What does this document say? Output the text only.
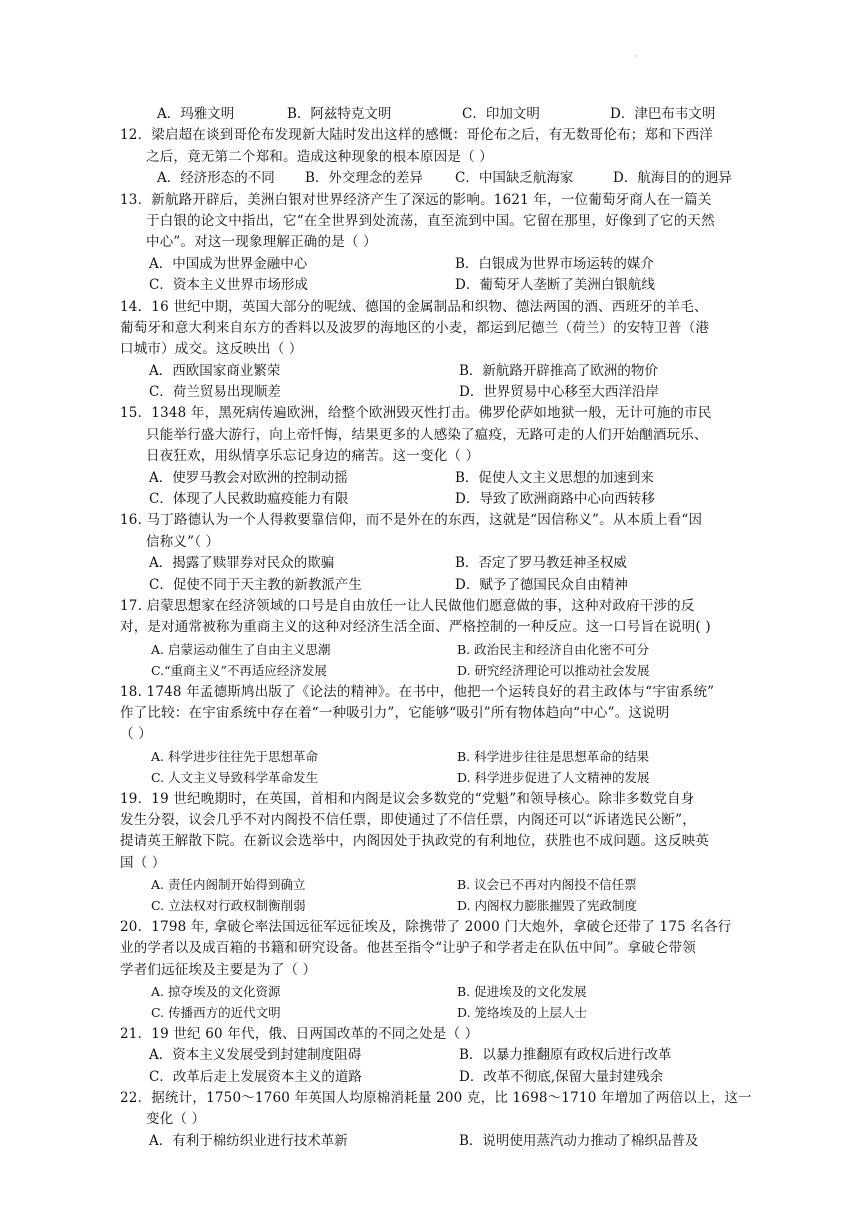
·
A．玛雅文明	B．阿兹特克文明	C．印加文明	D．津巴布韦文明
12．梁启超在谈到哥伦布发现新大陆时发出这样的感慨：哥伦布之后，有无数哥伦布；郑和下西洋
之后，竟无第二个郑和。造成这种现象的根本原因是（ ）
A．经济形态的不同	B．外交理念的差异	C．中国缺乏航海家	D．航海目的的迥异
13．新航路开辟后，美洲白银对世界经济产生了深远的影响。1621 年，一位葡萄牙商人在一篇关
于白银的论文中指出，它“在全世界到处流荡，直至流到中国。它留在那里，好像到了它的天然
中心”。对这一现象理解正确的是（ ）
A．中国成为世界金融中心	B．白银成为世界市场运转的媒介
C．资本主义世界市场形成	D．葡萄牙人垄断了美洲白银航线
14．16 世纪中期，英国大部分的呢绒、德国的金属制品和织物、德法两国的酒、西班牙的羊毛、
葡萄牙和意大利来自东方的香料以及波罗的海地区的小麦，都运到尼德兰（荷兰）的安特卫普（港
口城市）成交。这反映出（ ）
A．西欧国家商业繁荣	B．新航路开辟推高了欧洲的物价
C．荷兰贸易出现顺差	D．世界贸易中心移至大西洋沿岸
15．1348 年，黑死病传遍欧洲，给整个欧洲毁灭性打击。佛罗伦萨如地狱一般，无计可施的市民
只能举行盛大游行，向上帝忏悔，结果更多的人感染了瘟疫，无路可走的人们开始酗酒玩乐、
日夜狂欢，用纵情享乐忘记身边的痛苦。这一变化（ ）
A．使罗马教会对欧洲的控制动摇	B．促使人文主义思想的加速到来
C．体现了人民救助瘟疫能力有限	D．导致了欧洲商路中心向西转移
16. 马丁路德认为一个人得救要靠信仰，而不是外在的东西，这就是“因信称义”。从本质上看“因
信称义”（ ）
A．揭露了赎罪券对民众的欺骗	B．否定了罗马教廷神圣权威
C．促使不同于天主教的新教派产生	D．赋予了德国民众自由精神
17. 启蒙思想家在经济领域的口号是自由放任一让人民做他们愿意做的事，这种对政府干涉的反
对，是对通常被称为重商主义的这种对经济生活全面、严格控制的一种反应。这一口号旨在说明( )
A. 启蒙运动催生了自由主义思潮	B. 政治民主和经济自由化密不可分
C.“重商主义”不再适应经济发展	D. 研究经济理论可以推动社会发展
18. 1748 年孟德斯鸠出版了《论法的精神》。在书中，他把一个运转良好的君主政体与“宇宙系统”
作了比较：在宇宙系统中存在着“一种吸引力”，它能够“吸引”所有物体趋向“中心”。这说明
（ ）
A. 科学进步往往先于思想革命	B. 科学进步往往是思想革命的结果
C. 人文主义导致科学革命发生	D. 科学进步促进了人文精神的发展
19．19 世纪晚期时，在英国，首相和内阁是议会多数党的“党魁”和领导核心。除非多数党自身
发生分裂，议会几乎不对内阁投不信任票，即使通过了不信任票，内阁还可以“诉诸选民公断”，
提请英王解散下院。在新议会选举中，内阁因处于执政党的有利地位，获胜也不成问题。这反映英
国（ ）
A. 责任内阁制开始得到确立	B. 议会已不再对内阁投不信任票
C. 立法权对行政权制衡削弱	D. 内阁权力膨胀摧毁了宪政制度
20．1798 年, 拿破仑率法国远征军远征埃及，除携带了 2000 门大炮外，拿破仑还带了 175 名各行
业的学者以及成百箱的书籍和研究设备。他甚至指令“让驴子和学者走在队伍中间”。拿破仑带领
学者们远征埃及主要是为了（ ）
A. 掠夺埃及的文化资源	B. 促进埃及的文化发展
C. 传播西方的近代文明	D. 笼络埃及的上层人士
21．19 世纪 60 年代，俄、日两国改革的不同之处是（ ）
A．资本主义发展受到封建制度阻碍	B．以暴力推翻原有政权后进行改革
C．改革后走上发展资本主义的道路	D．改革不彻底,保留大量封建残余
22．据统计，1750～1760 年英国人均原棉消耗量 200 克，比 1698～1710 年增加了两倍以上，这一
变化（ ）
A．有利于棉纺织业进行技术革新	B．说明使用蒸汽动力推动了棉织品普及
